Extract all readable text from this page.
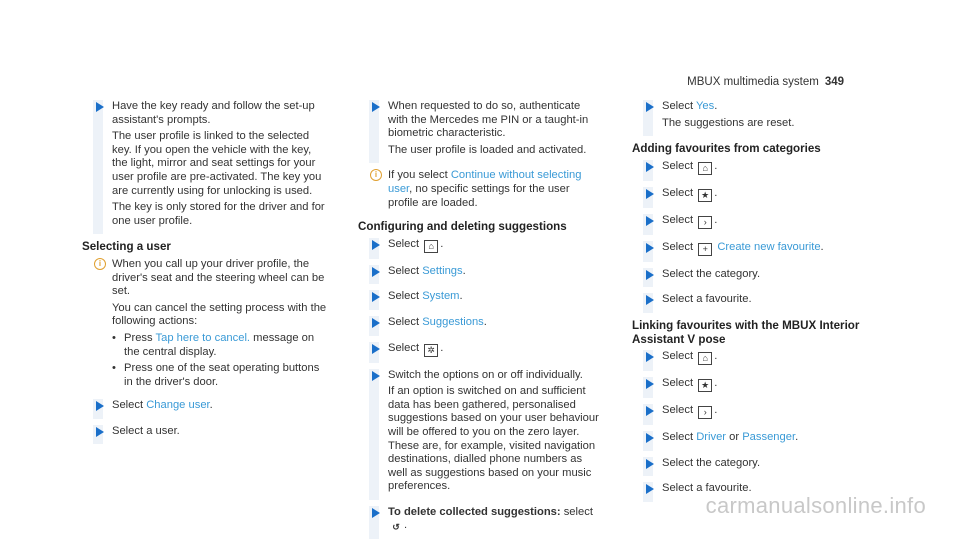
MBUX multimedia system 349

Have the key ready and follow the set-up assistant's prompts.

The user profile is linked to the selected key. If you open the vehicle with the key, the light, mirror and seat settings for your user profile are pre-activated. The key you are currently using for unlocking is used.

The key is only stored for the driver and for one user profile.

Selecting a user
i When you call up your driver profile, the driver's seat and the steering wheel can be set.

You can cancel the setting process with the following actions:

• Press Tap here to cancel. message on the central display.

• Press one of the seat operating buttons in the driver's door.

Select Change user.

Select a user.

When requested to do so, authenticate with the Mercedes me PIN or a taught-in biometric characteristic.

The user profile is loaded and activated.

i If you select Continue without selecting user, no specific settings for the user profile are loaded.

Configuring and deleting suggestions

Select ⌂ .

Select Settings.

Select System.

Select Suggestions.

Select ✲ .

Switch the options on or off individually.

If an option is switched on and sufficient data has been gathered, personalised suggestions based on your user behaviour will be offered to you on the zero layer. These are, for example, visited navigation destinations, dialled phone numbers as well as suggestions based on your music preferences.

To delete collected suggestions: select ↺ .

Select Yes.

The suggestions are reset.

Adding favourites from categories

Select ⌂ .

Select ★ .

Select › .

Select + Create new favourite.

Select the category.

Select a favourite.

Linking favourites with the MBUX Interior Assistant V pose

Select ⌂ .

Select ★ .

Select › .

Select Driver or Passenger.

Select the category.

Select a favourite.

carmanualsonline.info
